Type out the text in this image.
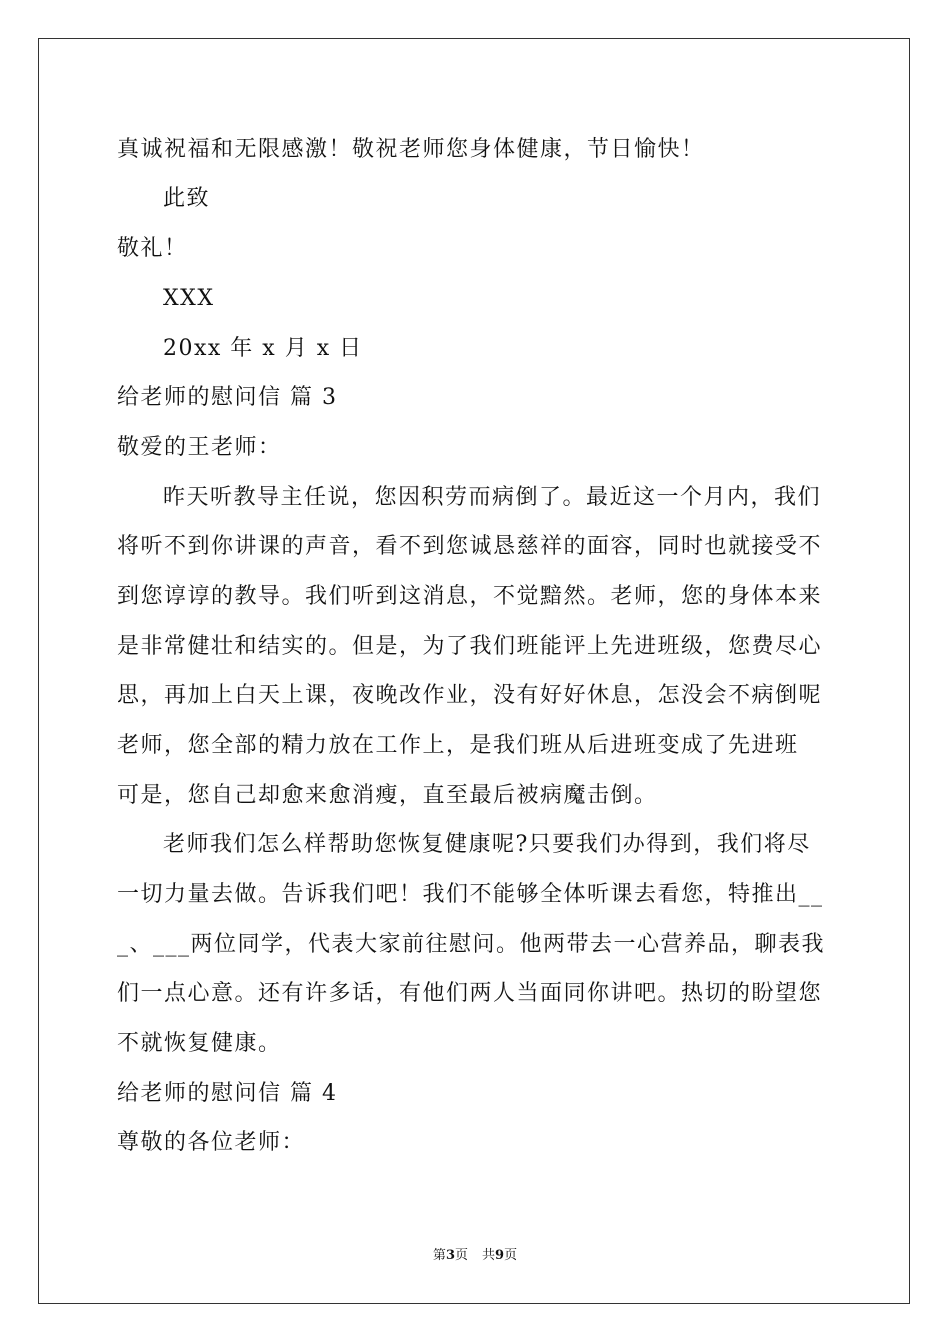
真诚祝福和无限感激！敬祝老师您身体健康，节日愉快！
此致
敬礼！
XXX
20xx 年 x 月 x 日
给老师的慰问信 篇 3
敬爱的王老师：
昨天听教导主任说，您因积劳而病倒了。最近这一个月内，我们
将听不到你讲课的声音，看不到您诚恳慈祥的面容，同时也就接受不
到您谆谆的教导。我们听到这消息，不觉黯然。老师，您的身体本来
是非常健壮和结实的。但是，为了我们班能评上先进班级，您费尽心
思，再加上白天上课，夜晚改作业，没有好好休息，怎没会不病倒呢
老师，您全部的精力放在工作上，是我们班从后进班变成了先进班
可是，您自己却愈来愈消瘦，直至最后被病魔击倒。
老师我们怎么样帮助您恢复健康呢?只要我们办得到，我们将尽
一切力量去做。告诉我们吧！我们不能够全体听课去看您，特推出__
_、___两位同学，代表大家前往慰问。他两带去一心营养品，聊表我
们一点心意。还有许多话，有他们两人当面同你讲吧。热切的盼望您
不就恢复健康。
给老师的慰问信 篇 4
尊敬的各位老师：
第3页 共9页
